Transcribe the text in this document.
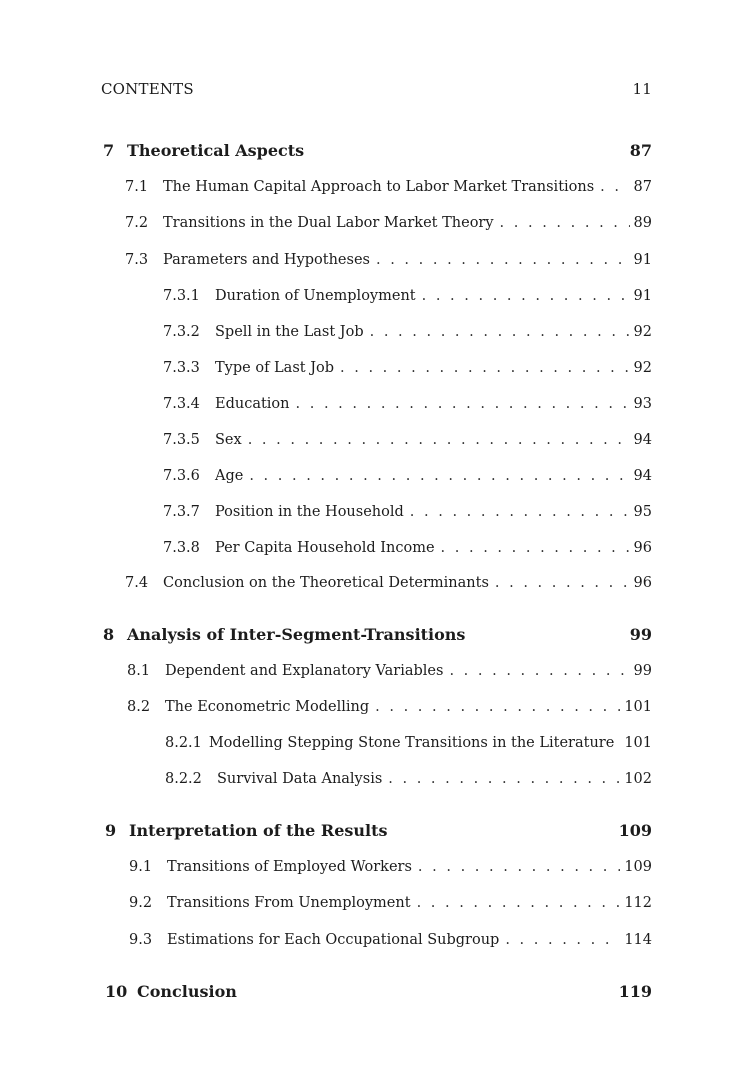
CONTENTS	11
7 Theoretical Aspects	87
7.1	The Human Capital Approach to Labor Market Transitions . . .	87
7.2	Transitions in the Dual Labor Market Theory . . .	89
7.3	Parameters and Hypotheses . . .	91
7.3.1	Duration of Unemployment . . .	91
7.3.2	Spell in the Last Job . . .	92
7.3.3	Type of Last Job . . .	92
7.3.4	Education . . .	93
7.3.5	Sex . . .	94
7.3.6	Age . . .	94
7.3.7	Position in the Household . . .	95
7.3.8	Per Capita Household Income . . .	96
7.4	Conclusion on the Theoretical Determinants . . .	96
8 Analysis of Inter-Segment-Transitions	99
8.1	Dependent and Explanatory Variables . . .	99
8.2	The Econometric Modelling . . .	101
8.2.1 Modelling Stepping Stone Transitions in the Literature 101
8.2.2	Survival Data Analysis . . .	102
9 Interpretation of the Results	109
9.1	Transitions of Employed Workers . . .	109
9.2	Transitions From Unemployment . . .	112
9.3	Estimations for Each Occupational Subgroup . . .	114
10 Conclusion	119
